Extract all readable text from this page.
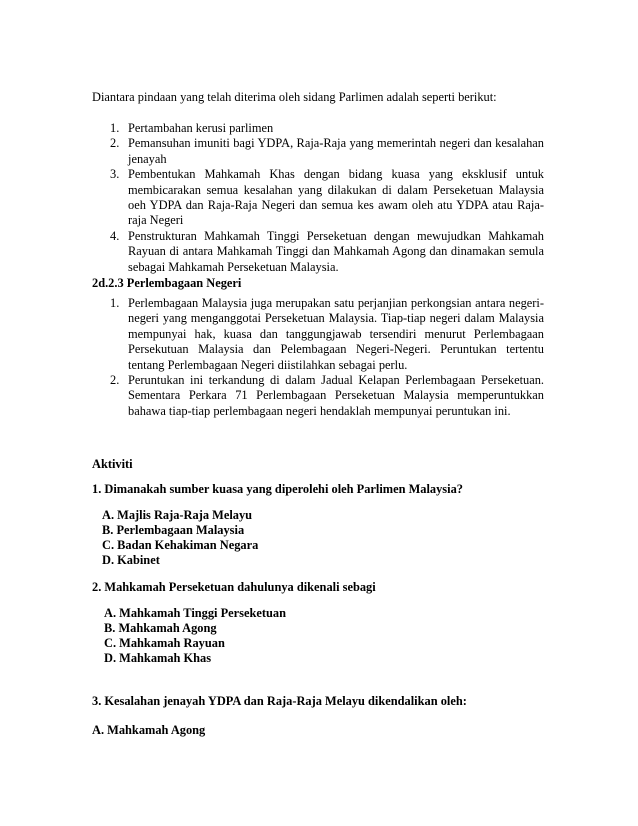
Diantara pindaan yang telah diterima oleh sidang Parlimen adalah seperti berikut:
1. Pertambahan kerusi parlimen
2. Pemansuhan imuniti bagi YDPA, Raja-Raja yang memerintah negeri dan kesalahan jenayah
3. Pembentukan Mahkamah Khas dengan bidang kuasa yang eksklusif untuk membicarakan semua kesalahan yang dilakukan di dalam Perseketuan Malaysia oeh YDPA dan Raja-Raja Negeri dan semua kes awam oleh atu YDPA atau Raja-raja Negeri
4. Penstrukturan Mahkamah Tinggi Perseketuan dengan mewujudkan Mahkamah Rayuan di antara Mahkamah Tinggi dan Mahkamah Agong dan dinamakan semula sebagai Mahkamah Perseketuan Malaysia.
2d.2.3 Perlembagaan Negeri
1. Perlembagaan Malaysia juga merupakan satu perjanjian perkongsian antara negeri-negeri yang menganggotai Perseketuan Malaysia. Tiap-tiap negeri dalam Malaysia mempunyai hak, kuasa dan tanggungjawab tersendiri menurut Perlembagaan Persekutuan Malaysia dan Pelembagaan Negeri-Negeri. Peruntukan tertentu tentang Perlembagaan Negeri diistilahkan sebagai perlu.
2. Peruntukan ini terkandung di dalam Jadual Kelapan Perlembagaan Perseketuan. Sementara Perkara 71 Perlembagaan Perseketuan Malaysia memperuntukkan bahawa tiap-tiap perlembagaan negeri hendaklah mempunyai peruntukan ini.
Aktiviti
1. Dimanakah sumber kuasa yang diperolehi oleh Parlimen Malaysia?
A. Majlis Raja-Raja Melayu
B. Perlembagaan Malaysia
C. Badan Kehakiman Negara
D. Kabinet
2. Mahkamah Perseketuan dahulunya dikenali sebagi
A. Mahkamah Tinggi Perseketuan
B. Mahkamah Agong
C. Mahkamah Rayuan
D. Mahkamah Khas
3. Kesalahan jenayah YDPA dan Raja-Raja Melayu dikendalikan oleh:
A. Mahkamah Agong
